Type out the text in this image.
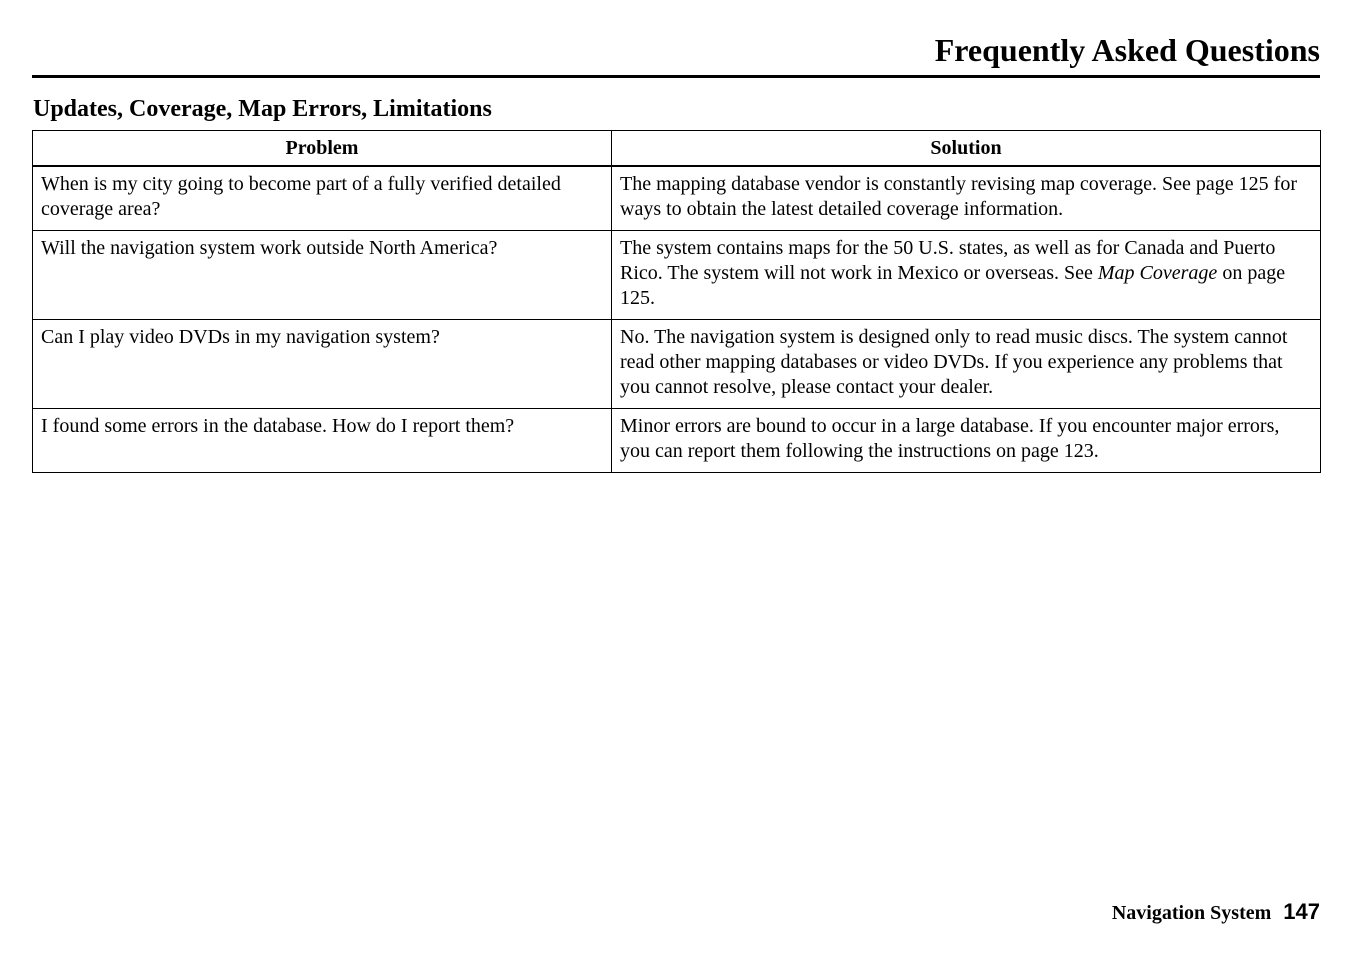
Frequently Asked Questions
Updates, Coverage, Map Errors, Limitations
Problem	Solution
When is my city going to become part of a fully verified detailed coverage area?	The mapping database vendor is constantly revising map coverage. See page 125 for ways to obtain the latest detailed coverage information.
Will the navigation system work outside North America?	The system contains maps for the 50 U.S. states, as well as for Canada and Puerto Rico. The system will not work in Mexico or overseas. See Map Coverage on page 125.
Can I play video DVDs in my navigation system?	No. The navigation system is designed only to read music discs. The system cannot read other mapping databases or video DVDs. If you experience any problems that you cannot resolve, please contact your dealer.
I found some errors in the database. How do I report them?	Minor errors are bound to occur in a large database. If you encounter major errors, you can report them following the instructions on page 123.
Navigation System 147
